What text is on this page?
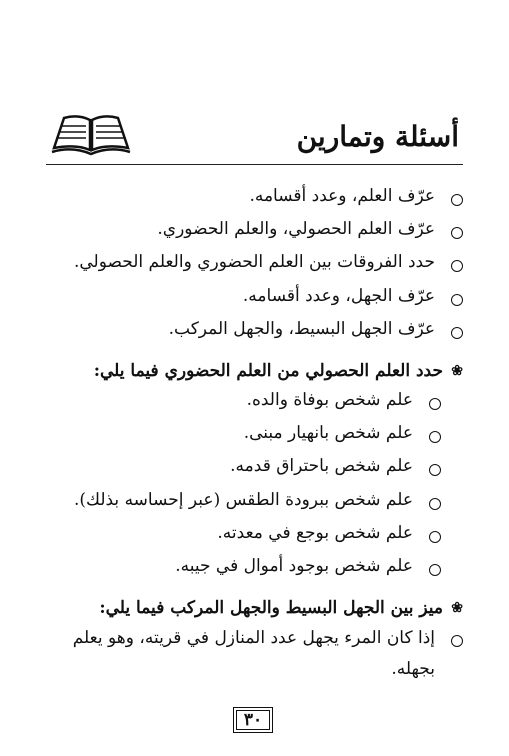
أسئلة وتمارين
عرّف العلم، وعدد أقسامه.
عرّف العلم الحصولي، والعلم الحضوري.
حدد الفروقات بين العلم الحضوري والعلم الحصولي.
عرّف الجهل، وعدد أقسامه.
عرّف الجهل البسيط، والجهل المركب.
❀
حدد العلم الحصولي من العلم الحضوري فيما يلي:
علم شخص بوفاة والده.
علم شخص بانهيار مبنى.
علم شخص باحتراق قدمه.
علم شخص ببرودة الطقس (عبر إحساسه بذلك).
علم شخص بوجع في معدته.
علم شخص بوجود أموال في جيبه.
❀
ميز بين الجهل البسيط والجهل المركب فيما يلي:
إذا كان المرء يجهل عدد المنازل في قريته، وهو يعلم بجهله.
٣٠
